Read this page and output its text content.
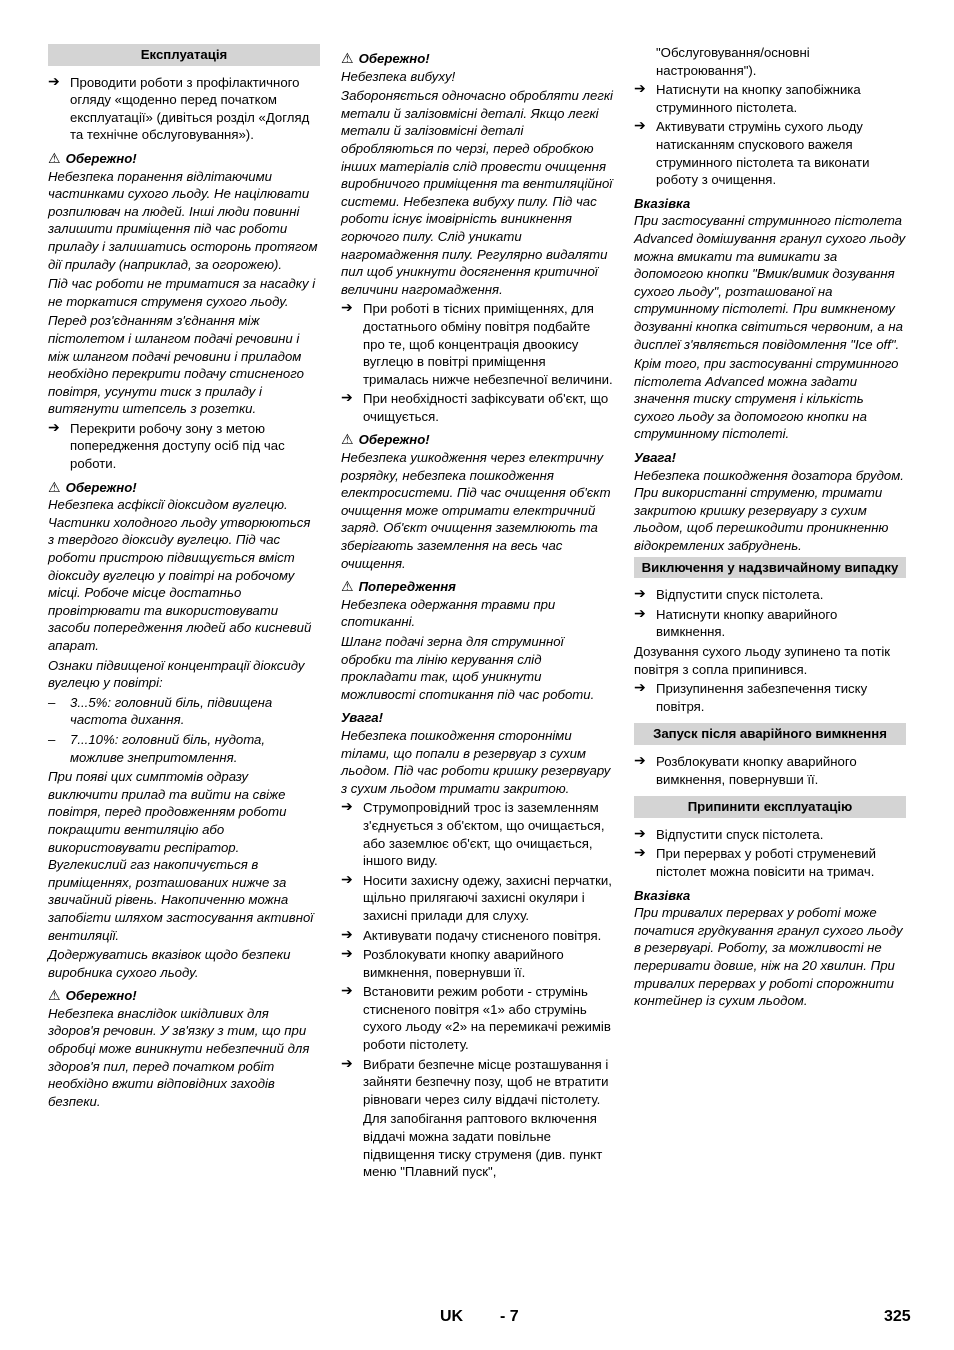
Експлуатація
➔ Проводити роботи з профілактичного огляду «щоденно перед початком експлуатації» (дивіться розділ «Догляд та технічне обслуговування»).
⚠ Обережно!

Небезпека поранення відлітаючими частинками сухого льоду. Не націлювати розпилювач на людей. Інші люди повинні залишити приміщення під час роботи приладу і залишатись осторонь протягом дії приладу (наприклад, за огорожею).

Під час роботи не триматися за насадку і не торкатися струменя сухого льоду.

Перед роз'єднанням з'єднання між пістолетом і шлангом подачі речовини і між шлангом подачі речовини і приладом необхідно перекрити подачу стисненого повітря, усунути тиск з приладу і витягнути штепсель з розетки.

➔ Перекрити робочу зону з метою попередження доступу осіб під час роботи.
⚠ Обережно!

Небезпека асфіксії діоксидом вуглецю. Частинки холодного льоду утворюються з твердого діоксиду вуглецю. Під час роботи пристрою підвищується вміст діоксиду вуглецю у повітрі на робочому місці. Робоче місце достатньо провітрювати та використовувати засоби попередження людей або кисневий апарат.

Ознаки підвищеної концентрації діоксиду вуглецю у повітрі:

– 3...5%: головний біль, підвищена частота дихання.
– 7...10%: головний біль, нудота, можливе знепритомлення.

При появі цих симптомів одразу виключити прилад та вийти на свіже повітря, перед продовженням роботи покращити вентиляцію або використовувати респіратор. Вуглекислий газ накопичується в приміщеннях, розташованих нижче за звичайний рівень. Накопиченню можна запобігти шляхом застосування активної вентиляції.

Додержуватись вказівок щодо безпеки виробника сухого льоду.

⚠ Обережно!

Небезпека внаслідок шкідливих для здоров'я речовин. У зв'язку з тим, що при обробці може виникнути небезпечний для здоров'я пил, перед початком робіт необхідно вжити відповідних заходів безпеки.

⚠ Обережно!

Небезпека вибуху!

Забороняється одночасно обробляти легкі метали й залізовмісні деталі. Якщо легкі метали й залізовмісні деталі обробляються по черзі, перед обробкою інших матеріалів слід провести очищення виробничого приміщення та вентиляційної системи. Небезпека вибуху пилу. Під час роботи існує імовірність виникнення горючого пилу. Слід уникати нагромадження пилу. Регулярно видаляти пил щоб уникнути досягнення критичної величини нагромадження.

➔ При роботі в тісних приміщеннях, для достатнього обміну повітря подбайте про те, щоб концентрація двоокису вуглецю в повітрі приміщення трималась нижче небезпечної величини.
➔ При необхідності зафіксувати об'єкт, що очищується.
⚠ Обережно!

Небезпека ушкодження через електричну розрядку, небезпека пошкодження електросистеми. Під час очищення об'єкт очищення може отримати електричний заряд. Об'єкт очищення заземлюють та зберігають заземлення на весь час очищення.

⚠ Попередження

Небезпека одержання травми при спотиканні.

Шланг подачі зерна для струминної обробки та лінію керування слід прокладати так, щоб уникнути можливості спотикання під час роботи.

Увага!

Небезпека пошкодження сторонніми тілами, що попали в резервуар з сухим льодом. Під час роботи кришку резервуару з сухим льодом тримати закритою.

➔ Струмопровідний трос із заземленням з'єднується з об'єктом, що очищається, або заземлює об'єкт, що очищається, іншого виду.
➔ Носити захисну одежу, захисні перчатки, щільно прилягаючі захисні окуляри і захисні прилади для слуху.
➔ Активувати подачу стисненого повітря.
➔ Розблокувати кнопку аварийного вимкнення, повернувши її.
➔ Встановити режим роботи - струмінь стисненого повітря «1» або струмінь сухого льоду «2» на перемикачі режимів роботи пістолету.
➔ Вибрати безпечне місце розташування і зайняти безпечну позу, щоб не втратити рівноваги через силу віддачі пістолету.

Для запобігання раптового включення віддачі можна задати повільне підвищення тиску струменя (див. пункт меню "Плавний пуск",

"Обслуговування/основні настроювання").

➔ Натиснути на кнопку запобіжника струминного пістолета.
➔ Активувати струмінь сухого льоду натисканням спускового важеля струминного пістолета та виконати роботу з очищення.
Вказівка

При застосуванні струминного пістолета Advanced домішування гранул сухого льоду можна вмикати та вимикати за допомогою кнопки "Вмик/вимик дозування сухого льоду", розташованої на струминному пістолеті. При вимкненому дозуванні кнопка світиться червоним, а на дисплеї з'являється повідомлення "Ice off".

Крім того, при застосуванні струминного пістолета Advanced можна задати значення тиску струменя і кількість сухого льоду за допомогою кнопки на струминному пістолеті.

Увага!

Небезпека пошкодження дозатора брудом. При використанні струменю, тримати закритою кришку резервуару з сухим льодом, щоб перешкодити проникненню відокремлених забруднень.

Виключення у надзвичайному випадку
➔ Відпустити спуск пістолета.
➔ Натиснути кнопку аварийного вимкнення.

Дозування сухого льоду зупинено та потік повітря з сопла припинився.

➔ Призупинення забезпечення тиску повітря.
Запуск після аварійного вимкнення
➔ Розблокувати кнопку аварийного вимкнення, повернувши її.
Припинити експлуатацію
➔ Відпустити спуск пістолета.
➔ При перервах у роботі струменевий пістолет можна повісити на тримач.
Вказівка

При тривалих перервах у роботі може початися грудкування гранул сухого льоду в резервуарі. Роботу, за можливості не переривати довше, ніж на 20 хвилин. При тривалих перервах у роботі спорожнити контейнер із сухим льодом.

UK - 7	325
